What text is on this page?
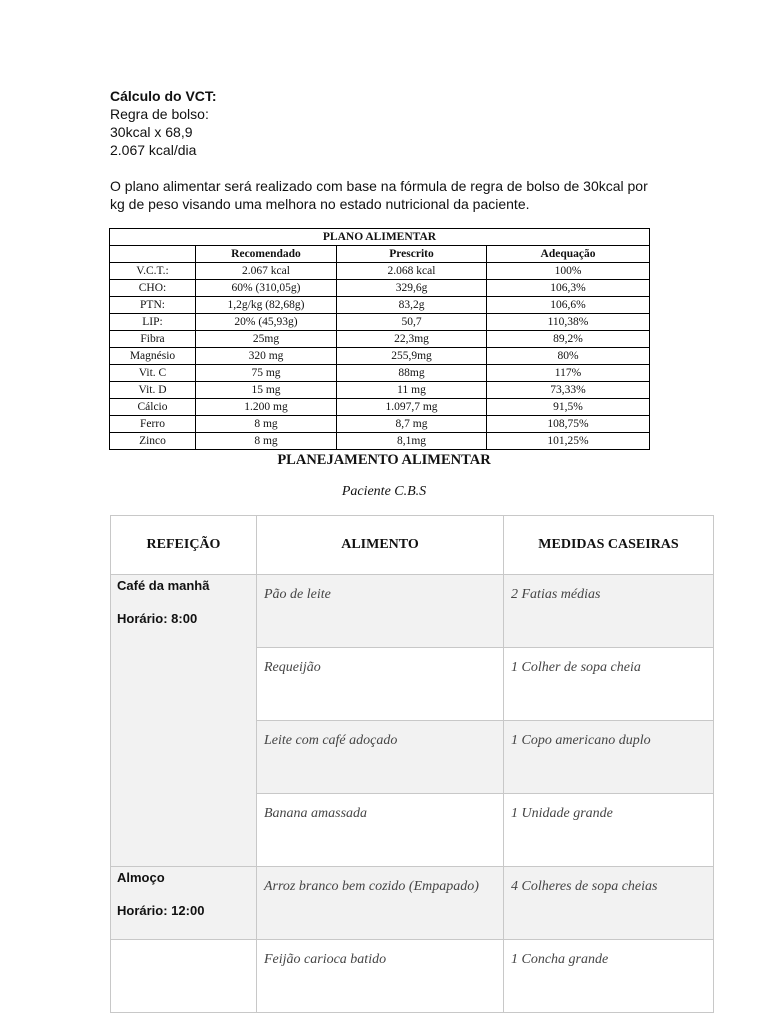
Cálculo do VCT:
Regra de bolso:
30kcal x 68,9
2.067 kcal/dia
O plano alimentar será realizado com base na fórmula de regra de bolso de 30kcal por kg de peso visando uma melhora no estado nutricional da paciente.
PLANO ALIMENTAR			
	Recomendado	Prescrito	Adequação
V.C.T.:	2.067 kcal	2.068 kcal	100%
CHO:	60% (310,05g)	329,6g	106,3%
PTN:	1,2g/kg (82,68g)	83,2g	106,6%
LIP:	20% (45,93g)	50,7	110,38%
Fibra	25mg	22,3mg	89,2%
Magnésio	320 mg	255,9mg	80%
Vit. C	75 mg	88mg	117%
Vit. D	15 mg	11 mg	73,33%
Cálcio	1.200 mg	1.097,7 mg	91,5%
Ferro	8 mg	8,7 mg	108,75%
Zinco	8 mg	8,1mg	101,25%
PLANEJAMENTO ALIMENTAR
Paciente C.B.S
REFEIÇÃO	ALIMENTO	MEDIDAS CASEIRAS
Café da manhã
Horário: 8:00	Pão de leite	2 Fatias médias
	Requeijão	1 Colher de sopa cheia
	Leite com café adoçado	1 Copo americano duplo
	Banana amassada	1 Unidade grande
Almoço
Horário: 12:00	Arroz branco bem cozido (Empapado)	4 Colheres de sopa cheias
	Feijão carioca batido	1 Concha grande
